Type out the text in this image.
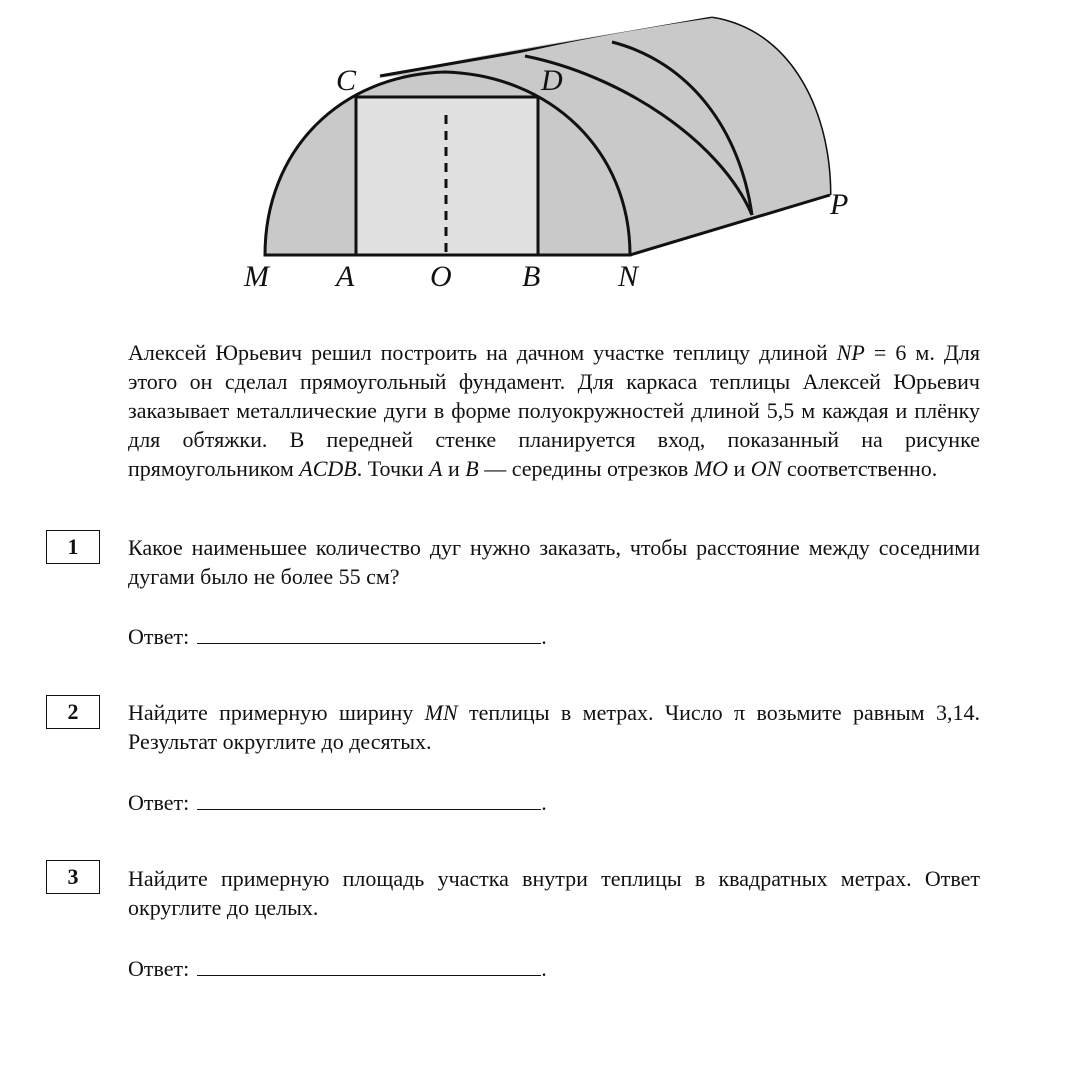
C	D
M A	O B	N
P
Алексей Юрьевич решил построить на дачном участке теплицу длиной NP = 6 м. Для этого он сделал прямоугольный фундамент. Для каркаса теплицы Алексей Юрьевич заказывает металлические дуги в форме полуокружностей длиной 5,5 м каждая и плёнку для обтяжки. В передней стенке планируется вход, показанный на рисунке прямоугольником ACDB. Точки A и B — середины отрезков MO и ON соответственно.
1	Какое наименьшее количество дуг нужно заказать, чтобы расстояние между соседними дугами было не более 55 см?
Ответ:	.
2	Найдите примерную ширину MN теплицы в метрах. Число π возьмите равным 3,14. Результат округлите до десятых.
Ответ:	.
3	Найдите примерную площадь участка внутри теплицы в квадратных метрах. Ответ округлите до целых.
Ответ:	.
